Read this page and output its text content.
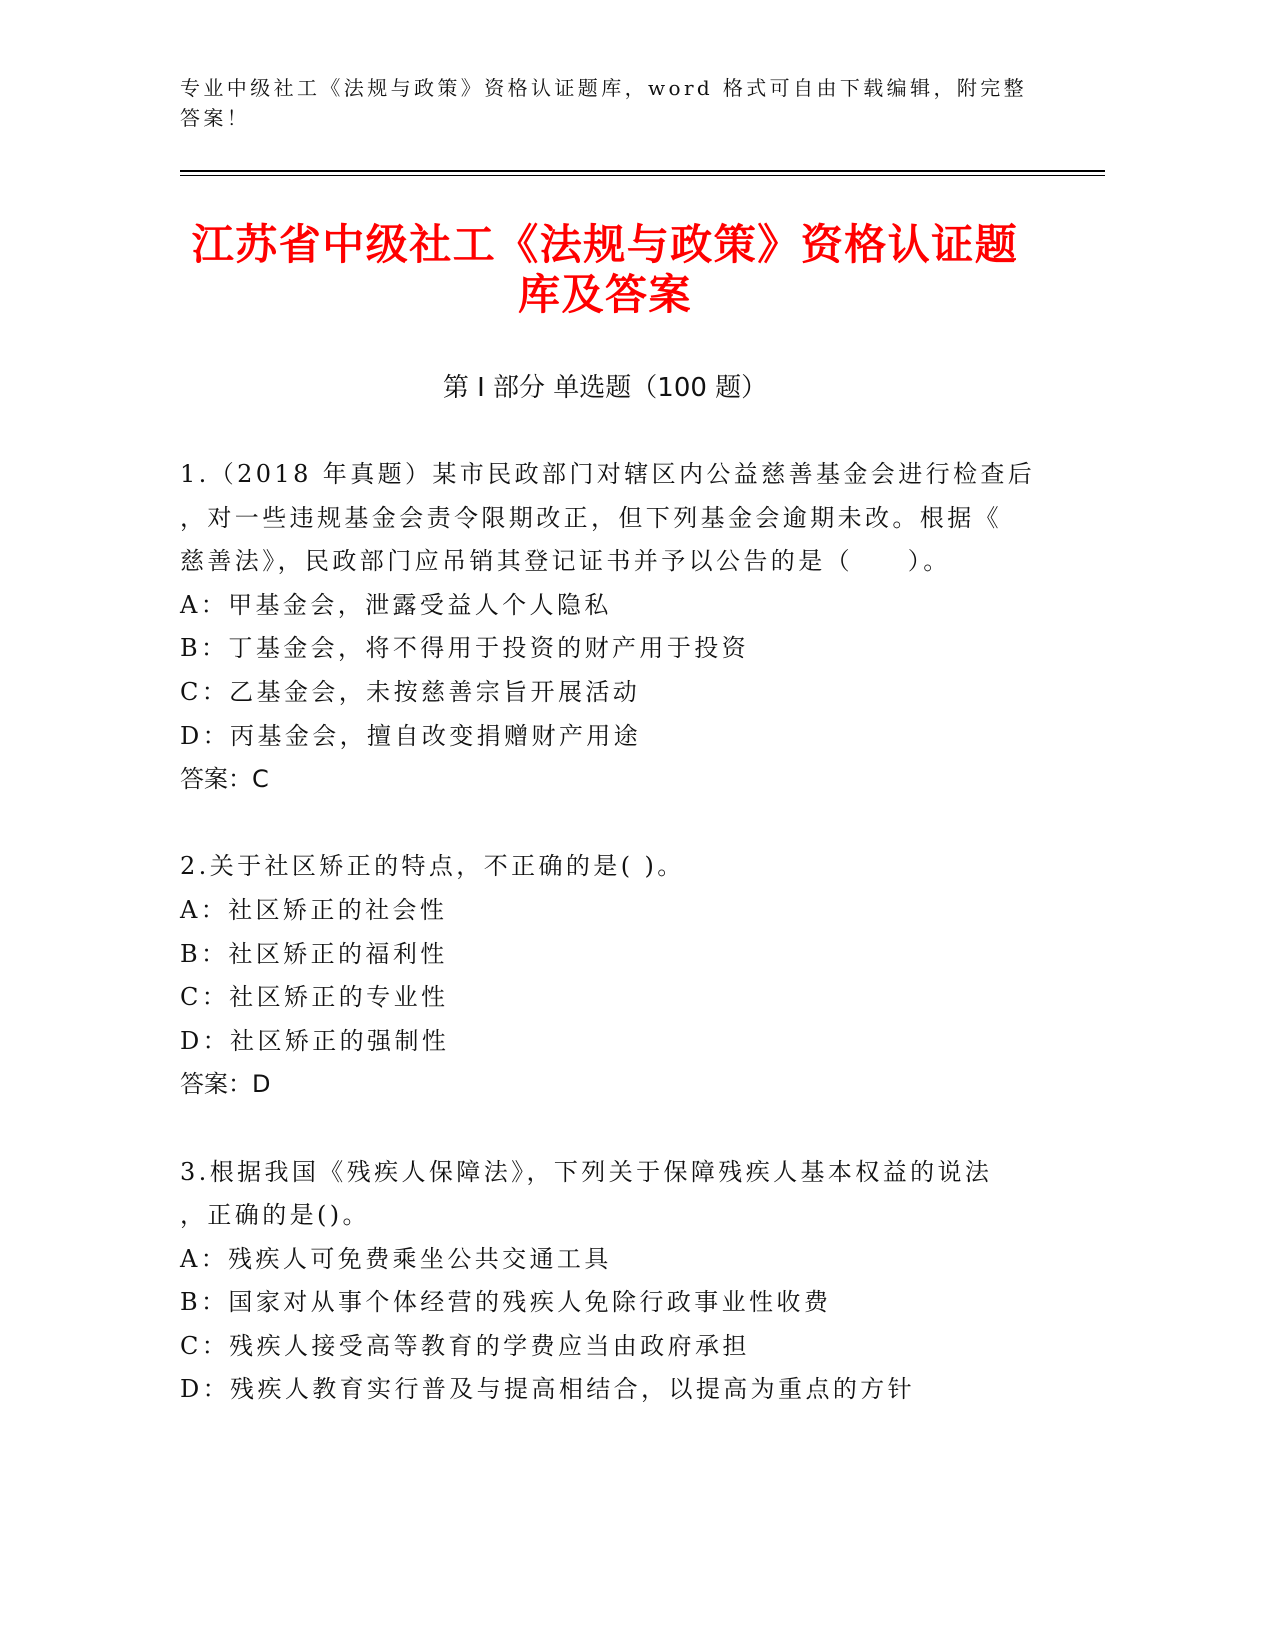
专业中级社工《法规与政策》资格认证题库，word 格式可自由下载编辑，附完整
答案！
江苏省中级社工《法规与政策》资格认证题
库及答案
第 I 部分 单选题（100 题）
1.（2018 年真题）某市民政部门对辖区内公益慈善基金会进行检查后
，对一些违规基金会责令限期改正，但下列基金会逾期未改。根据《
慈善法》，民政部门应吊销其登记证书并予以公告的是（　　）。
A：甲基金会，泄露受益人个人隐私
B：丁基金会，将不得用于投资的财产用于投资
C：乙基金会，未按慈善宗旨开展活动
D：丙基金会，擅自改变捐赠财产用途
答案：C
2.关于社区矫正的特点，不正确的是( )。
A：社区矫正的社会性
B：社区矫正的福利性
C：社区矫正的专业性
D：社区矫正的强制性
答案：D
3.根据我国《残疾人保障法》，下列关于保障残疾人基本权益的说法
，正确的是()。
A：残疾人可免费乘坐公共交通工具
B：国家对从事个体经营的残疾人免除行政事业性收费
C：残疾人接受高等教育的学费应当由政府承担
D：残疾人教育实行普及与提高相结合，以提高为重点的方针
